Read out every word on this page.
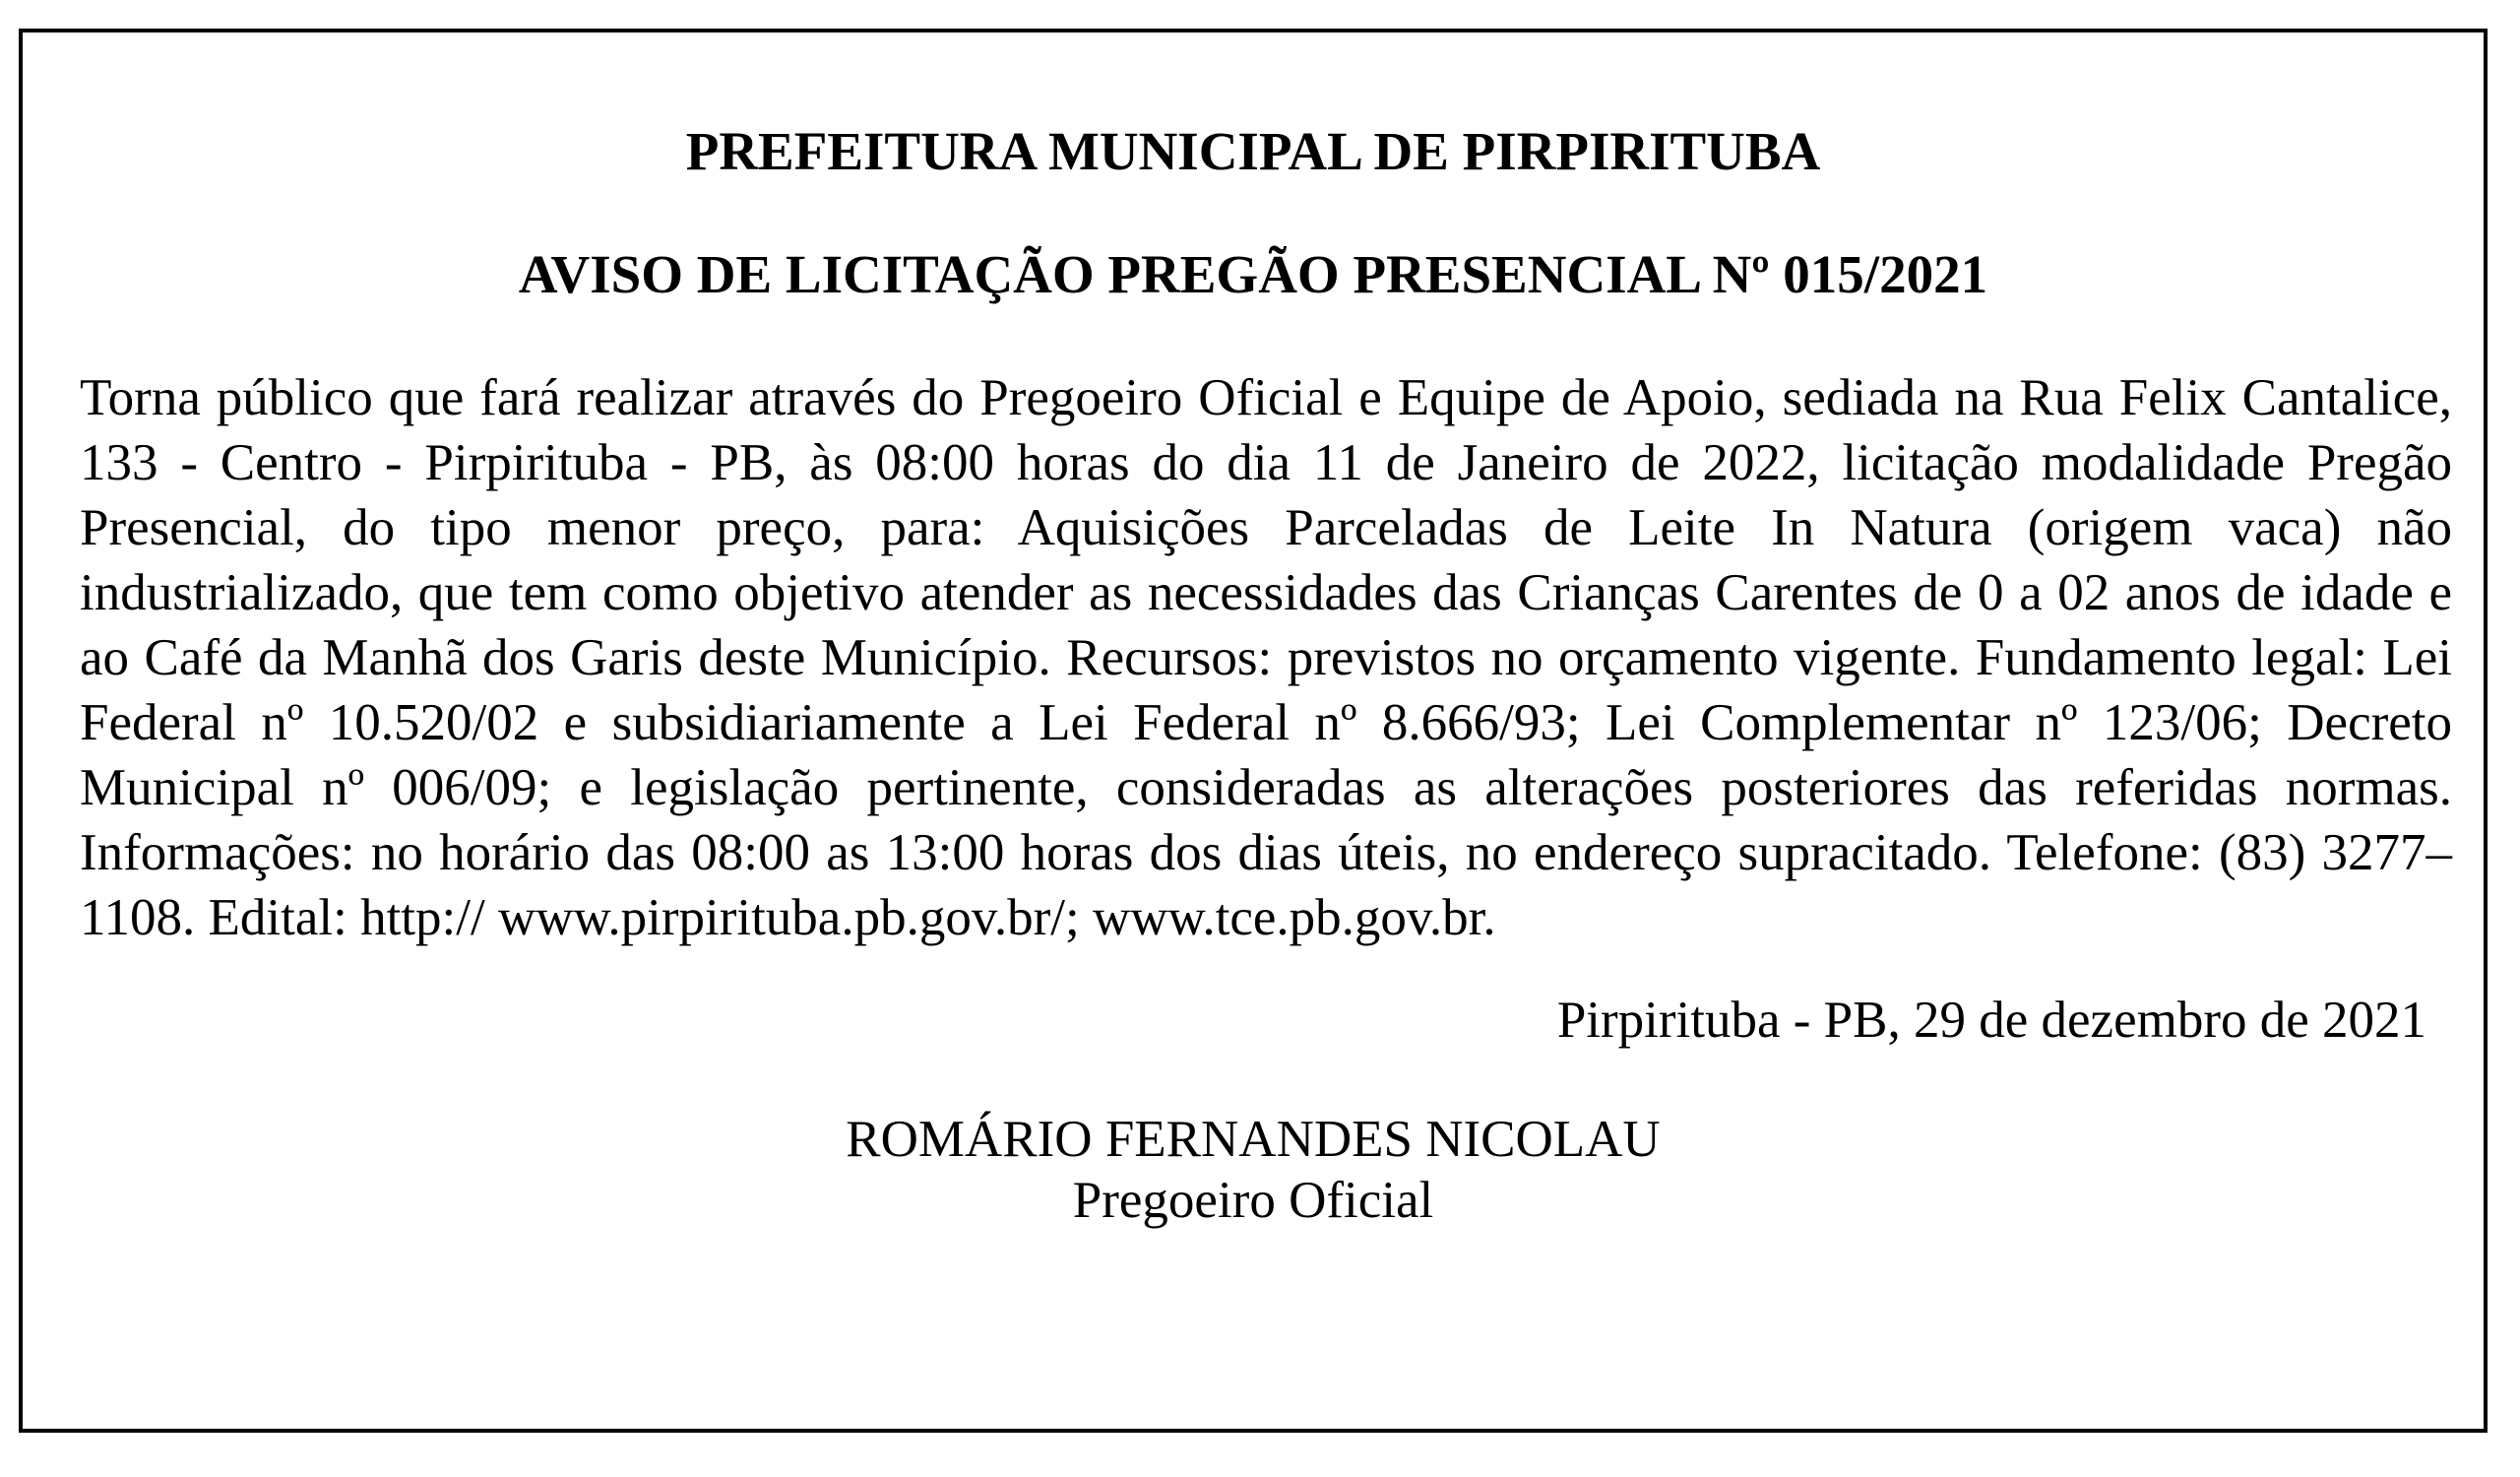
PREFEITURA MUNICIPAL DE PIRPIRITUBA
AVISO DE LICITAÇÃO PREGÃO PRESENCIAL Nº 015/2021
Torna público que fará realizar através do Pregoeiro Oficial e Equipe de Apoio, sediada na Rua Felix Cantalice, 133 - Centro - Pirpirituba - PB, às 08:00 horas do dia 11 de Janeiro de 2022, licitação modalidade Pregão Presencial, do tipo menor preço, para: Aquisições Parceladas de Leite In Natura (origem vaca) não industrializado, que tem como objetivo atender as necessidades das Crianças Carentes de 0 a 02 anos de idade e ao Café da Manhã dos Garis deste Município. Recursos: previstos no orçamento vigente. Fundamento legal: Lei Federal nº 10.520/02 e subsidiariamente a Lei Federal nº 8.666/93; Lei Complementar nº 123/06; Decreto Municipal nº 006/09; e legislação pertinente, consideradas as alterações posteriores das referidas normas. Informações: no horário das 08:00 as 13:00 horas dos dias úteis, no endereço supracitado. Telefone: (83) 3277–1108. Edital: http:// www.pirpirituba.pb.gov.br/; www.tce.pb.gov.br.
Pirpirituba - PB, 29 de dezembro de 2021
ROMÁRIO FERNANDES NICOLAU
Pregoeiro Oficial
